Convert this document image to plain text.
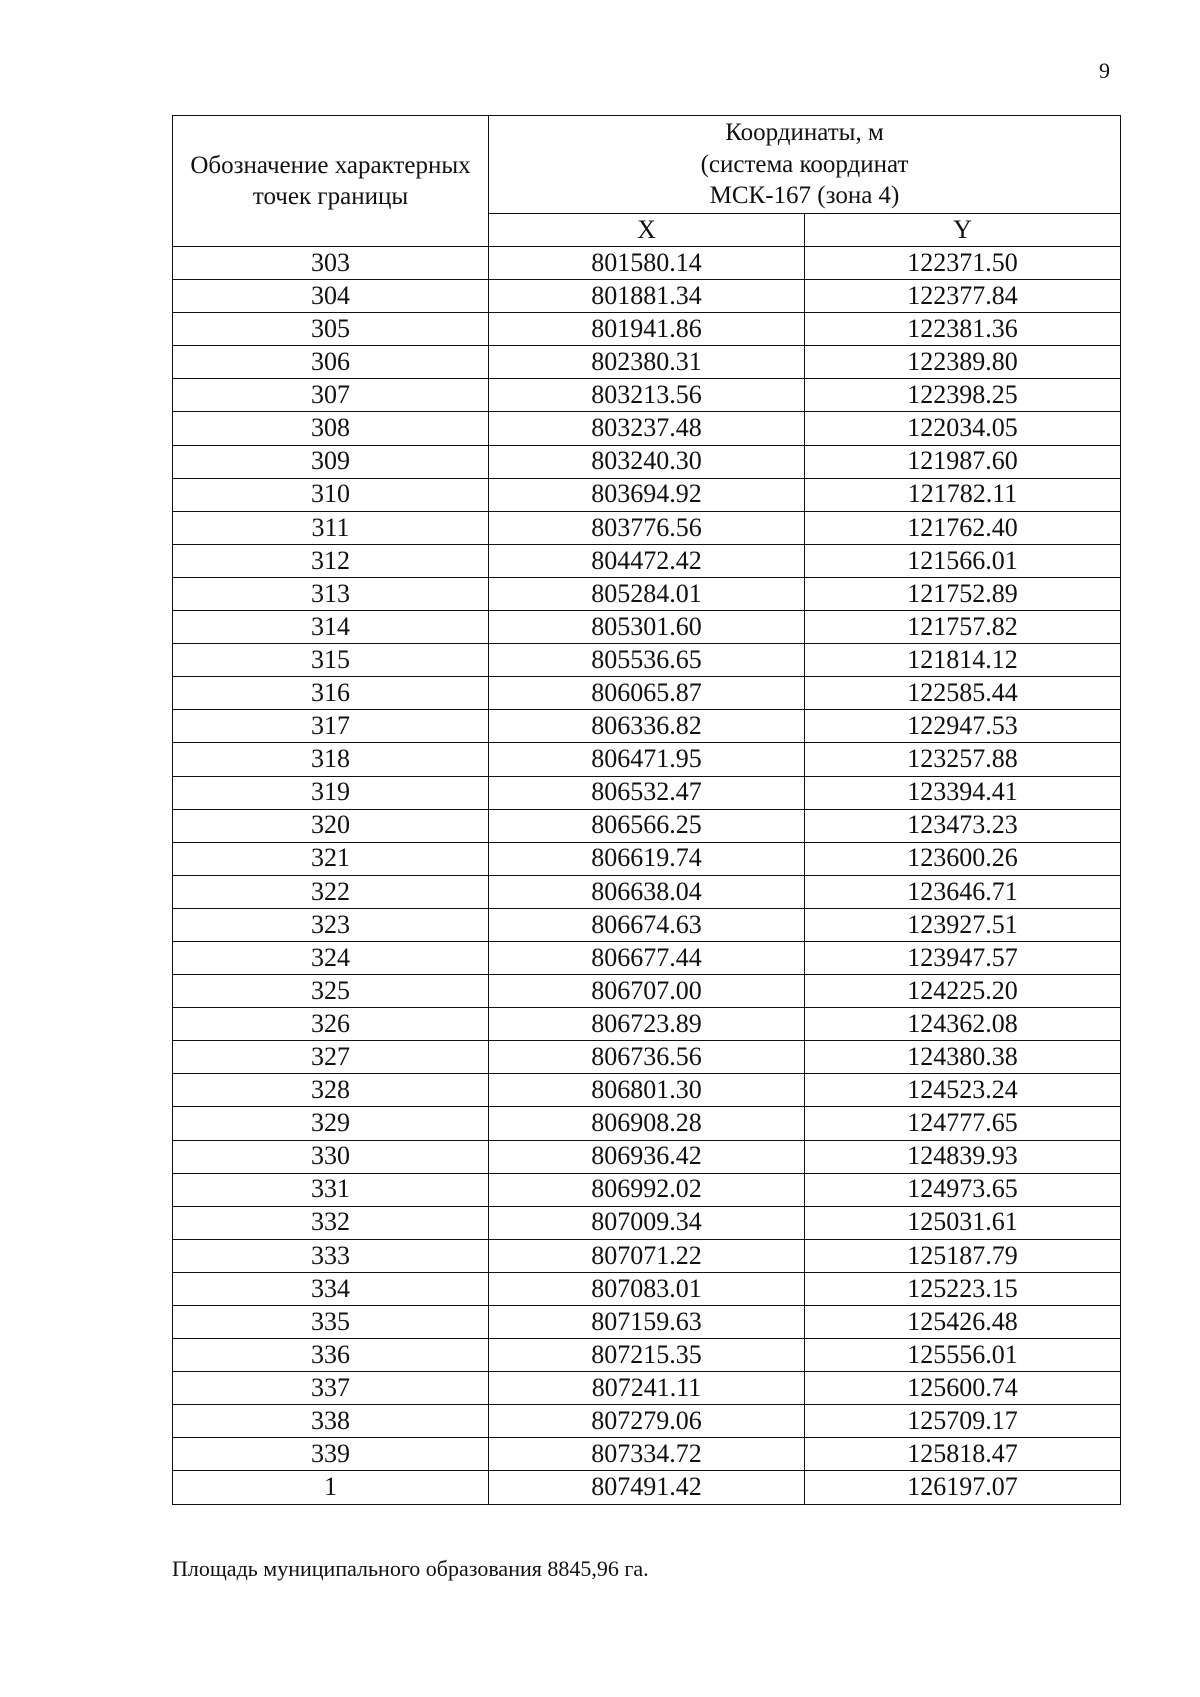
9
Обозначение характерных точек границы	Координаты, м
(система координат
МСК-167 (зона 4)	
	X	Y
303	801580.14	122371.50
304	801881.34	122377.84
305	801941.86	122381.36
306	802380.31	122389.80
307	803213.56	122398.25
308	803237.48	122034.05
309	803240.30	121987.60
310	803694.92	121782.11
311	803776.56	121762.40
312	804472.42	121566.01
313	805284.01	121752.89
314	805301.60	121757.82
315	805536.65	121814.12
316	806065.87	122585.44
317	806336.82	122947.53
318	806471.95	123257.88
319	806532.47	123394.41
320	806566.25	123473.23
321	806619.74	123600.26
322	806638.04	123646.71
323	806674.63	123927.51
324	806677.44	123947.57
325	806707.00	124225.20
326	806723.89	124362.08
327	806736.56	124380.38
328	806801.30	124523.24
329	806908.28	124777.65
330	806936.42	124839.93
331	806992.02	124973.65
332	807009.34	125031.61
333	807071.22	125187.79
334	807083.01	125223.15
335	807159.63	125426.48
336	807215.35	125556.01
337	807241.11	125600.74
338	807279.06	125709.17
339	807334.72	125818.47
1	807491.42	126197.07
Площадь муниципального образования 8845,96 га.
